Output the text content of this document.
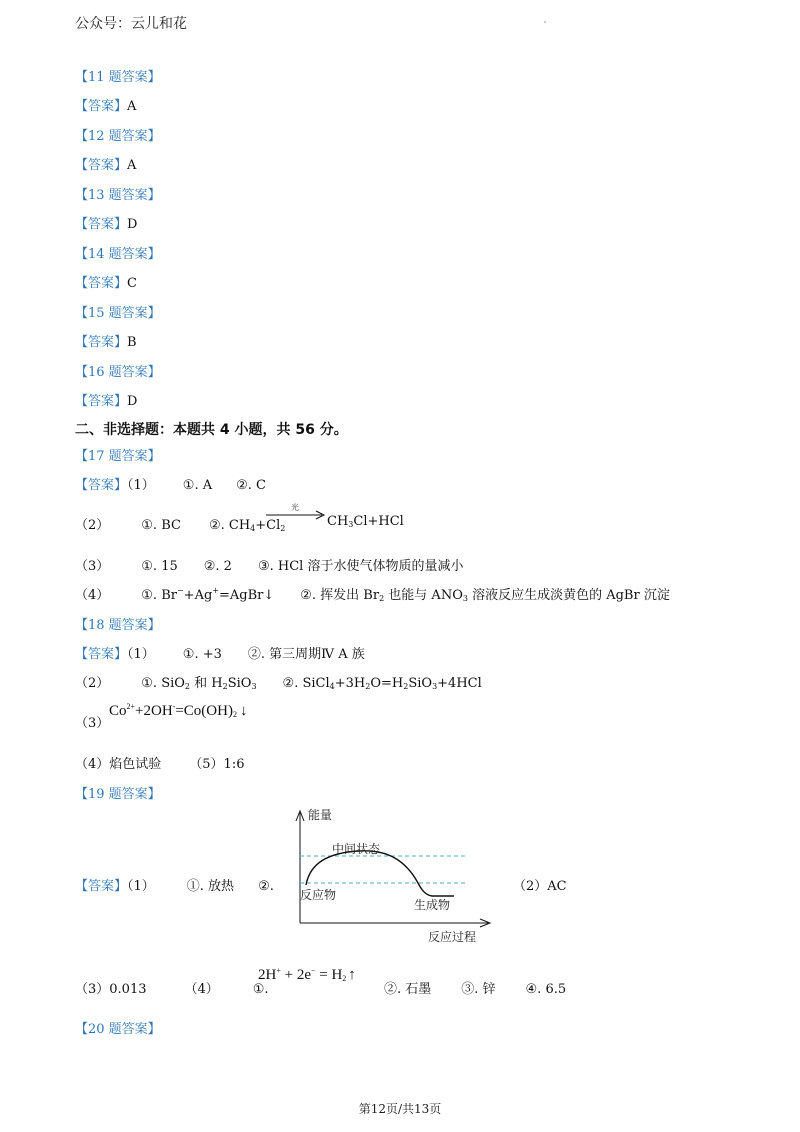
公众号：云儿和花
【11 题答案】
【答案】A
【12 题答案】
【答案】A
【13 题答案】
【答案】D
【14 题答案】
【答案】C
【15 题答案】
【答案】B
【16 题答案】
【答案】D
二、非选择题：本题共 4 小题，共 56 分。
【17 题答案】
【答案】（1） ①. A ②. C
（2） ①. BC ②. $CH_4+Cl_2$
光
$CH_3Cl+HCl$
（3） ①. 15 ②. 2 ③. HCl 溶于水使气体物质的量减小
（4） ①. Br−+Ag+=AgBr↓ ②. 挥发出 $Br_2$ 也能与 $ANO_3$ 溶液反应生成淡黄色的 AgBr 沉淀
【18 题答案】
【答案】（1） ①. +3 ②. 第三周期Ⅳ A 族
（2） ①. SiO$_2$ 和 $H_2SiO_3$ ②. $SiCl_4+3H_2O=H_2SiO_3+4HCl$
（3）
$Co^{2+}+2OH^-=Co(OH)_2$ ↓
（4）焰色试验 （5）1:6
【19 题答案】
【答案】（1） ①. 放热 ②.	（2）AC
能量
中间状态
反应物
生成物
反应过程
（3）0.013	（4）	①.
$2H^+ + 2e^- = H_2$ ↑
②. 石墨 ③. 锌 ④. 6.5
【20 题答案】
第12页/共13页
